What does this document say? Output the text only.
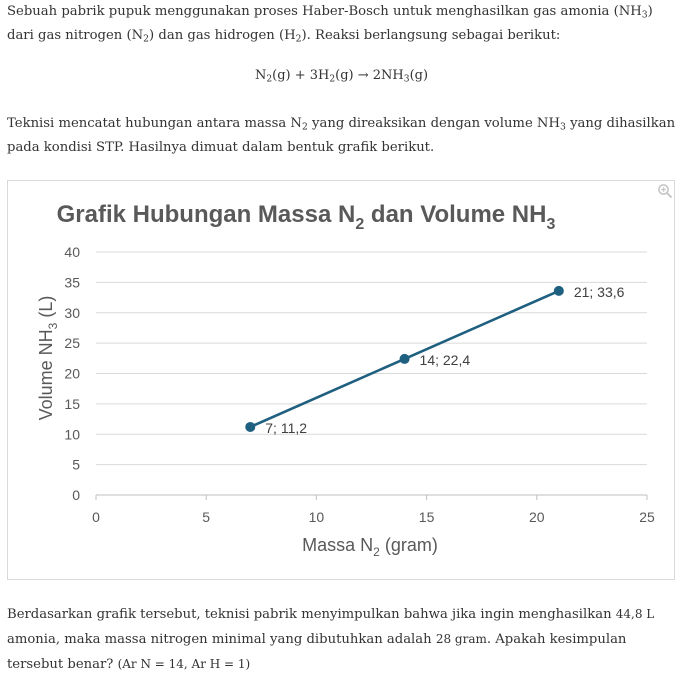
Sebuah pabrik pupuk menggunakan proses Haber-Bosch untuk menghasilkan gas amonia $(NH_3)$ dari gas nitrogen $(N_2)$ dan gas hidrogen $(H_2)$. Reaksi berlangsung sebagai berikut:
$N_2(g) + 3H_2(g) \to 2NH_3(g)$
Teknisi mencatat hubungan antara massa $N_2$ yang direaksikan dengan volume $NH_3$ yang dihasilkan pada kondisi STP. Hasilnya dimuat dalam bentuk grafik berikut.
Grafik Hubungan Massa $N_2$ dan Volume $NH_3$
0
5
10
15
20
25
30
35
40
0	5	10	15	20	25
7; 11,2
14; 22,4
21; 33,6
Massa $N_2$ (gram)
Volume $NH_3$ (L)
Berdasarkan grafik tersebut, teknisi pabrik menyimpulkan bahwa jika ingin menghasilkan 44,8 L amonia, maka massa nitrogen minimal yang dibutuhkan adalah 28 gram. Apakah kesimpulan tersebut benar? (Ar N = 14, Ar H = 1)
